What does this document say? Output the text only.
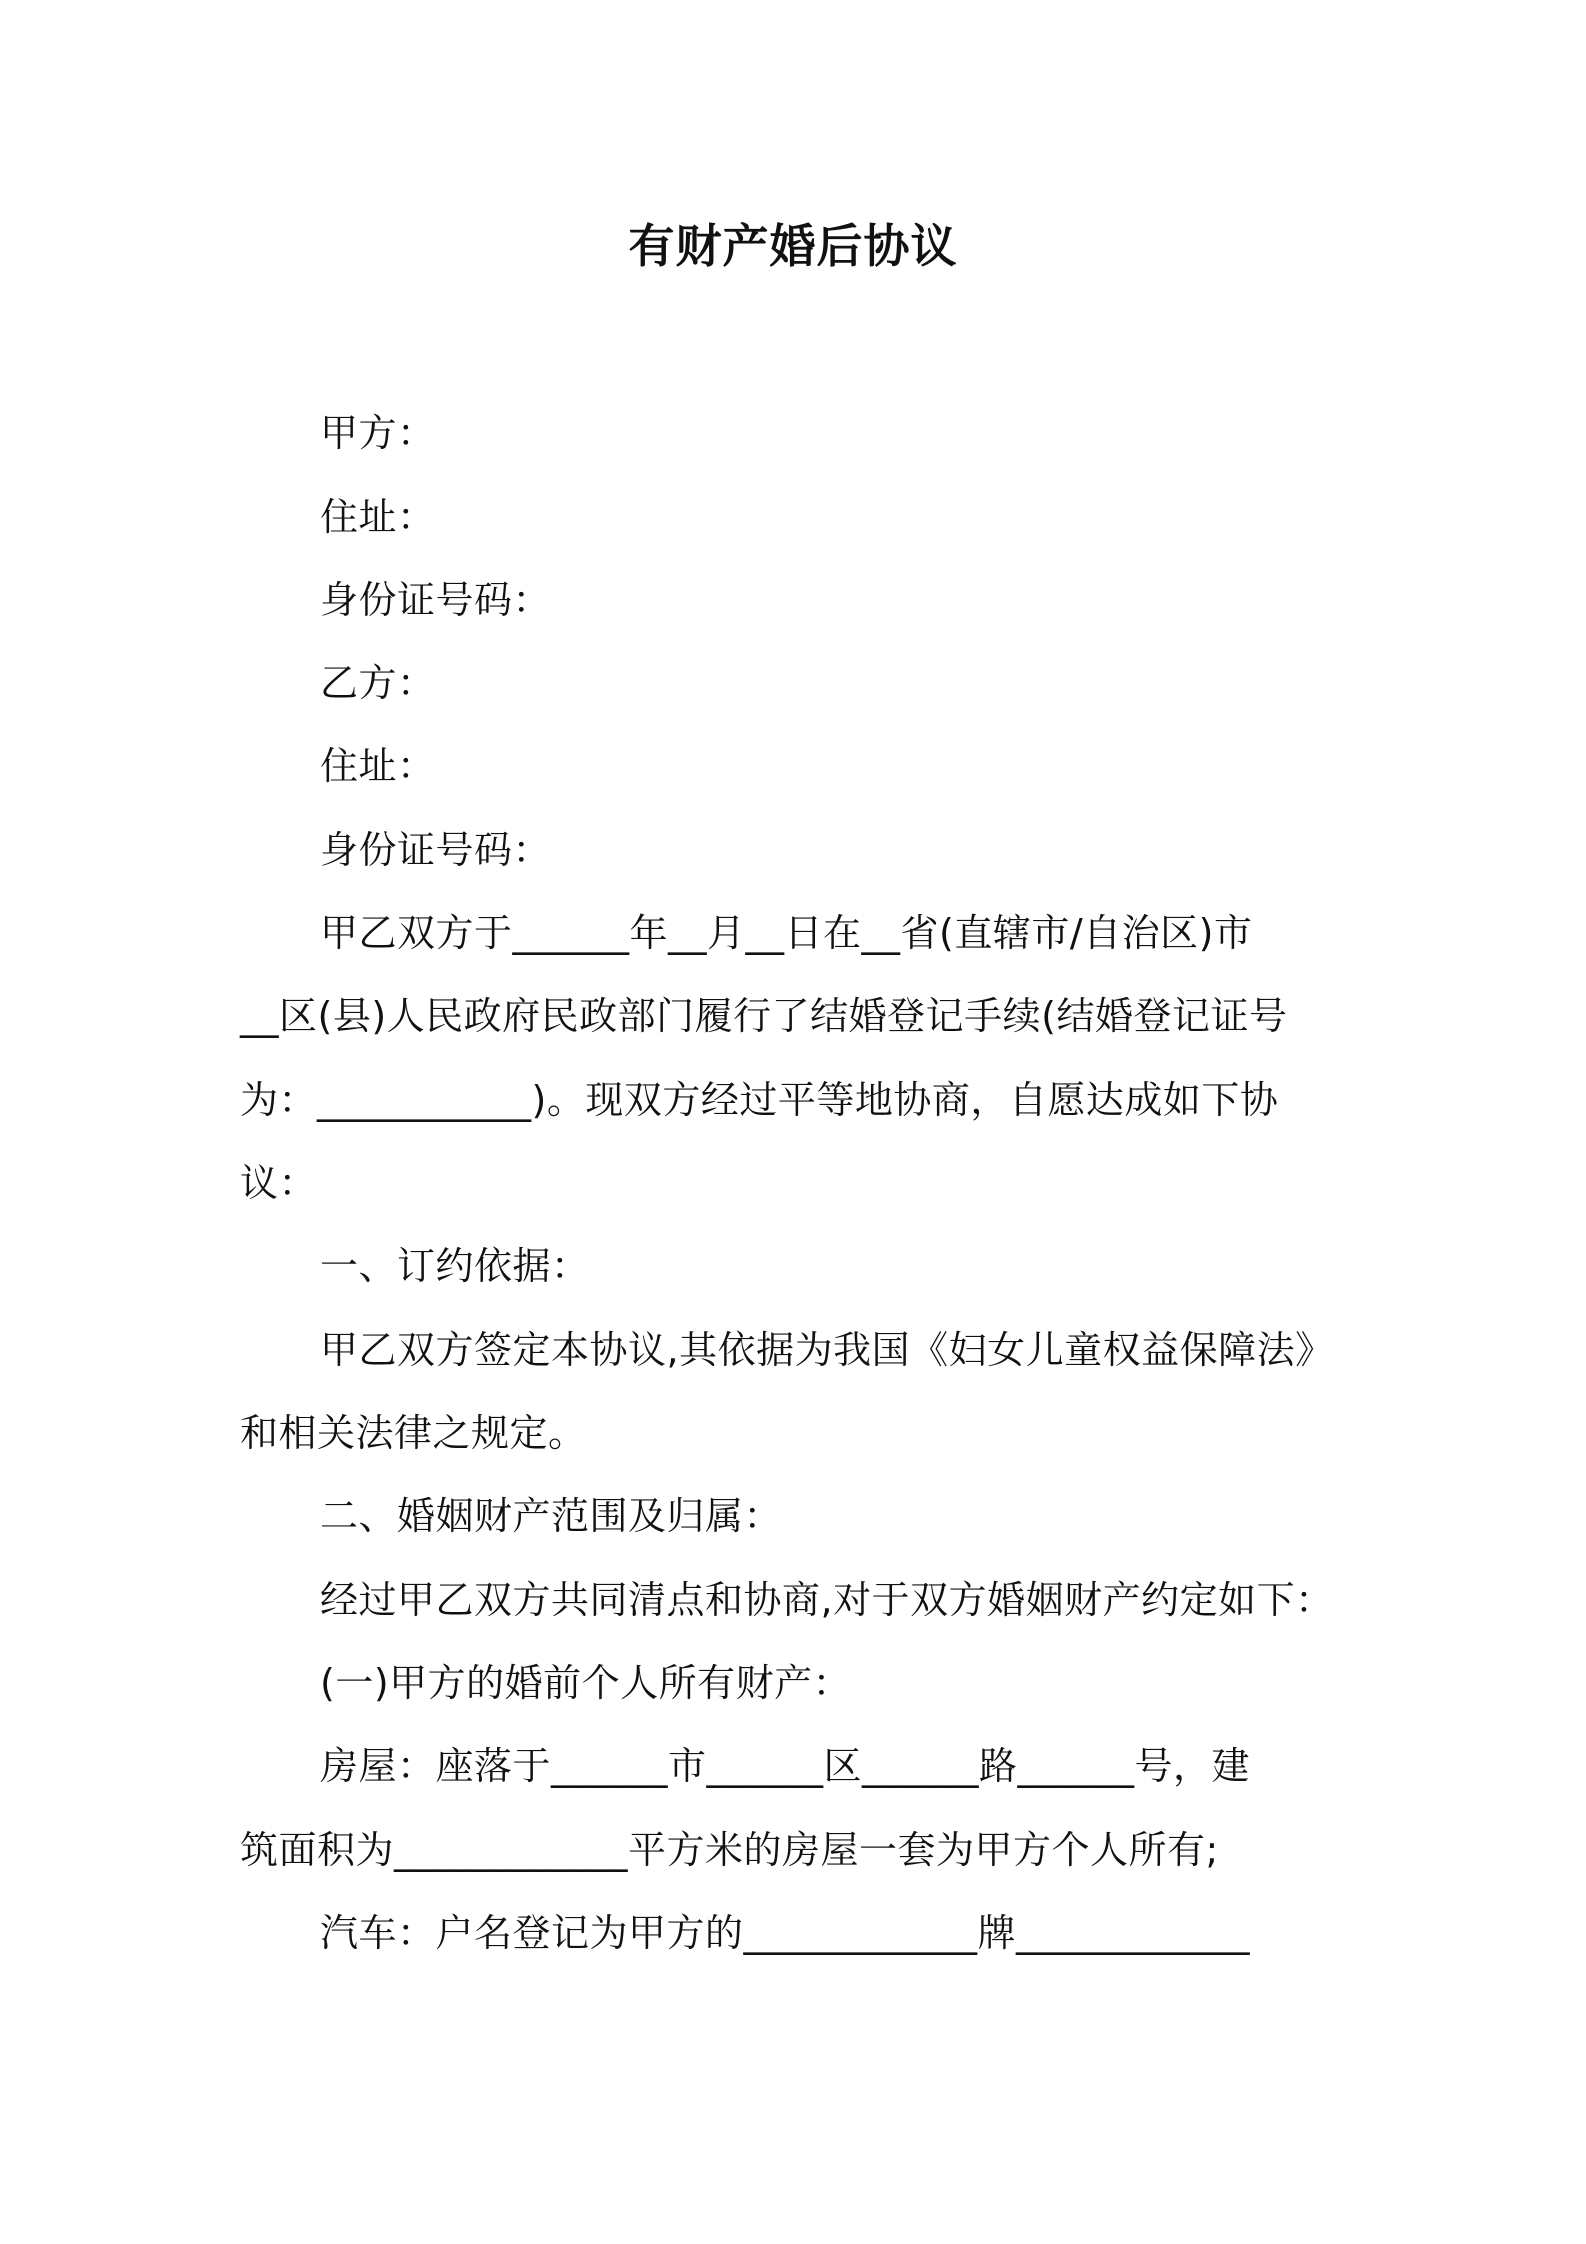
有财产婚后协议
甲方：
住址：
身份证号码：
乙方：
住址：
身份证号码：
甲乙双方于______年__月__日在__省(直辖市/自治区)市
__区(县)人民政府民政部门履行了结婚登记手续(结婚登记证号
为：___________)。现双方经过平等地协商，自愿达成如下协
议：
一、订约依据：
甲乙双方签定本协议,其依据为我国《妇女儿童权益保障法》
和相关法律之规定。
二、婚姻财产范围及归属：
经过甲乙双方共同清点和协商,对于双方婚姻财产约定如下：
(一)甲方的婚前个人所有财产：
房屋：座落于______市______区______路______号，建
筑面积为____________平方米的房屋一套为甲方个人所有;
汽车：户名登记为甲方的____________牌____________
